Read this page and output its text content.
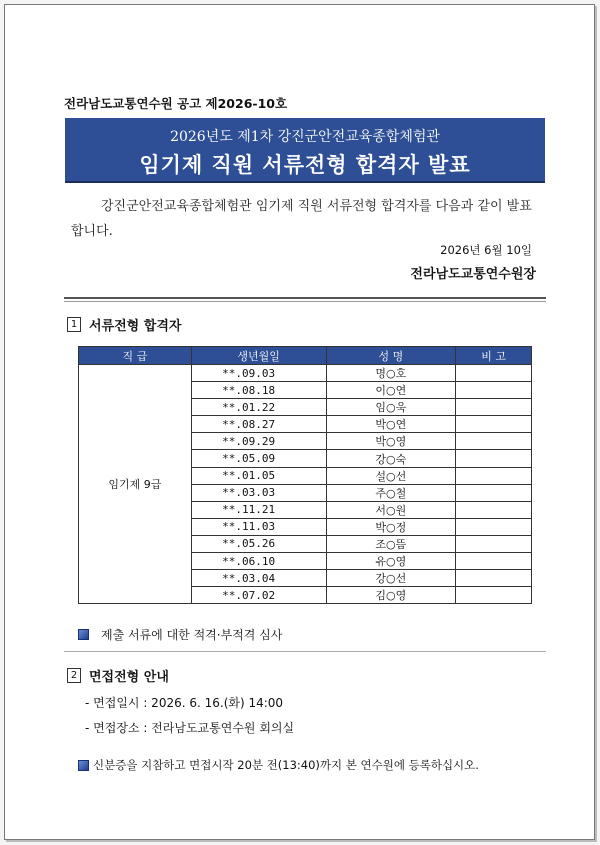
전라남도교통연수원 공고 제2026-10호
2026년도 제1차 강진군안전교육종합체험관
임기제 직원 서류전형 합격자 발표
강진군안전교육종합체험관 임기제 직원 서류전형 합격자를 다음과 같이 발표합니다.
2026년 6월 10일
전라남도교통연수원장
1 서류전형 합격자
직 급	생년월일	성 명	비 고
임기제 9급	**.09.03	명○호	
	**.08.18	이○연	
	**.01.22	임○욱	
	**.08.27	박○연	
	**.09.29	박○영	
	**.05.09	강○숙	
	**.01.05	설○선	
	**.03.03	주○철	
	**.11.21	서○원	
	**.11.03	박○정	
	**.05.26	조○뜸	
	**.06.10	유○영	
	**.03.04	강○선	
	**.07.02	김○영	
제출 서류에 대한 적격·부적격 심사
2 면접전형 안내
- 면접일시 : 2026. 6. 16.(화) 14:00
- 면접장소 : 전라남도교통연수원 회의실
신분증을 지참하고 면접시작 20분 전(13:40)까지 본 연수원에 등록하십시오.
